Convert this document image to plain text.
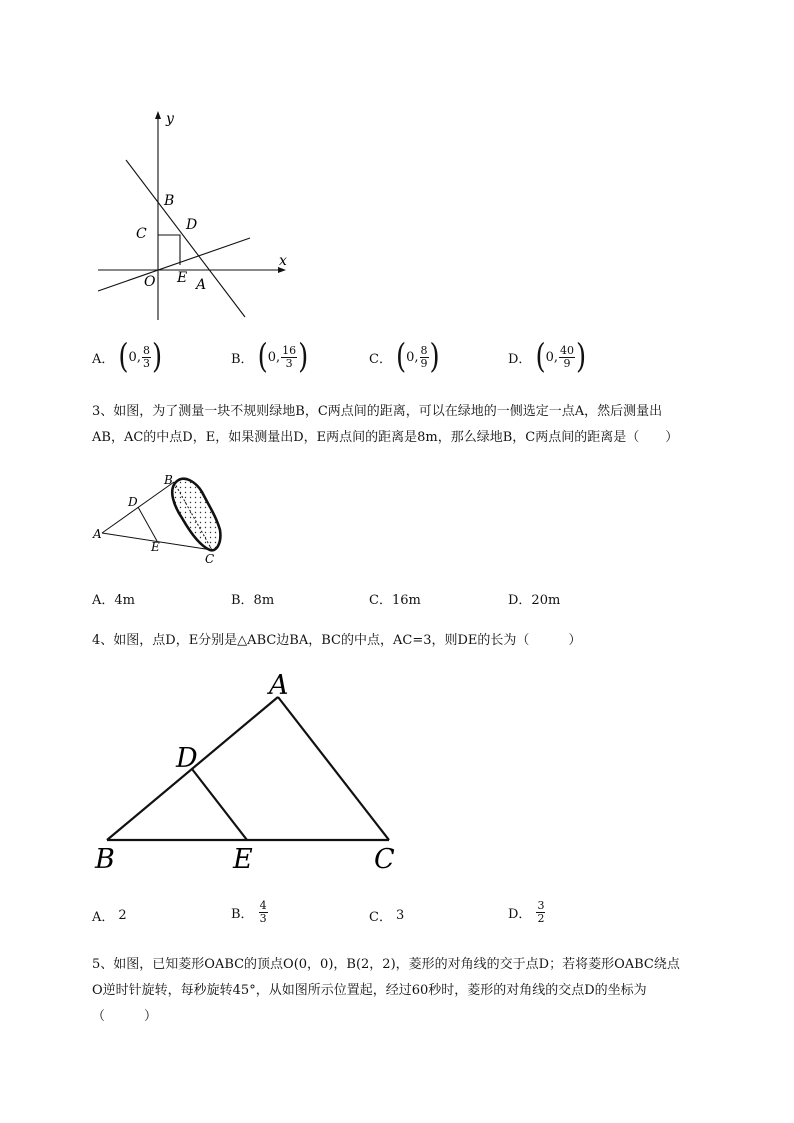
y
x
B
C
D
O E A
A． ( 0 , $\frac{8}{3}$ )	B． ( 0 , $\frac{16}{3}$ )	C． ( 0 , $\frac{8}{9}$ )	D． ( 0 , $\frac{40}{9}$ )
3、如图，为了测量一块不规则绿地B，C两点间的距离，可以在绿地的一侧选定一点A，然后测量出
AB，AC的中点D，E，如果测量出D，E两点间的距离是8m，那么绿地B，C两点间的距离是（　　）
B
D
A
E
C
A．4m	B．8m	C．16m	D．20m
4、如图，点D，E分别是△ABC边BA，BC的中点，AC=3，则DE的长为（　　　）
A
D
B	E	C
A． 2	B． $\frac{4}{3}$	C． 3	D． $\frac{3}{2}$
5、如图，已知菱形OABC的顶点O(0，0)，B(2，2)，菱形的对角线的交于点D；若将菱形OABC绕点
O逆时针旋转，每秒旋转45°，从如图所示位置起，经过60秒时，菱形的对角线的交点D的坐标为
（　　　）
